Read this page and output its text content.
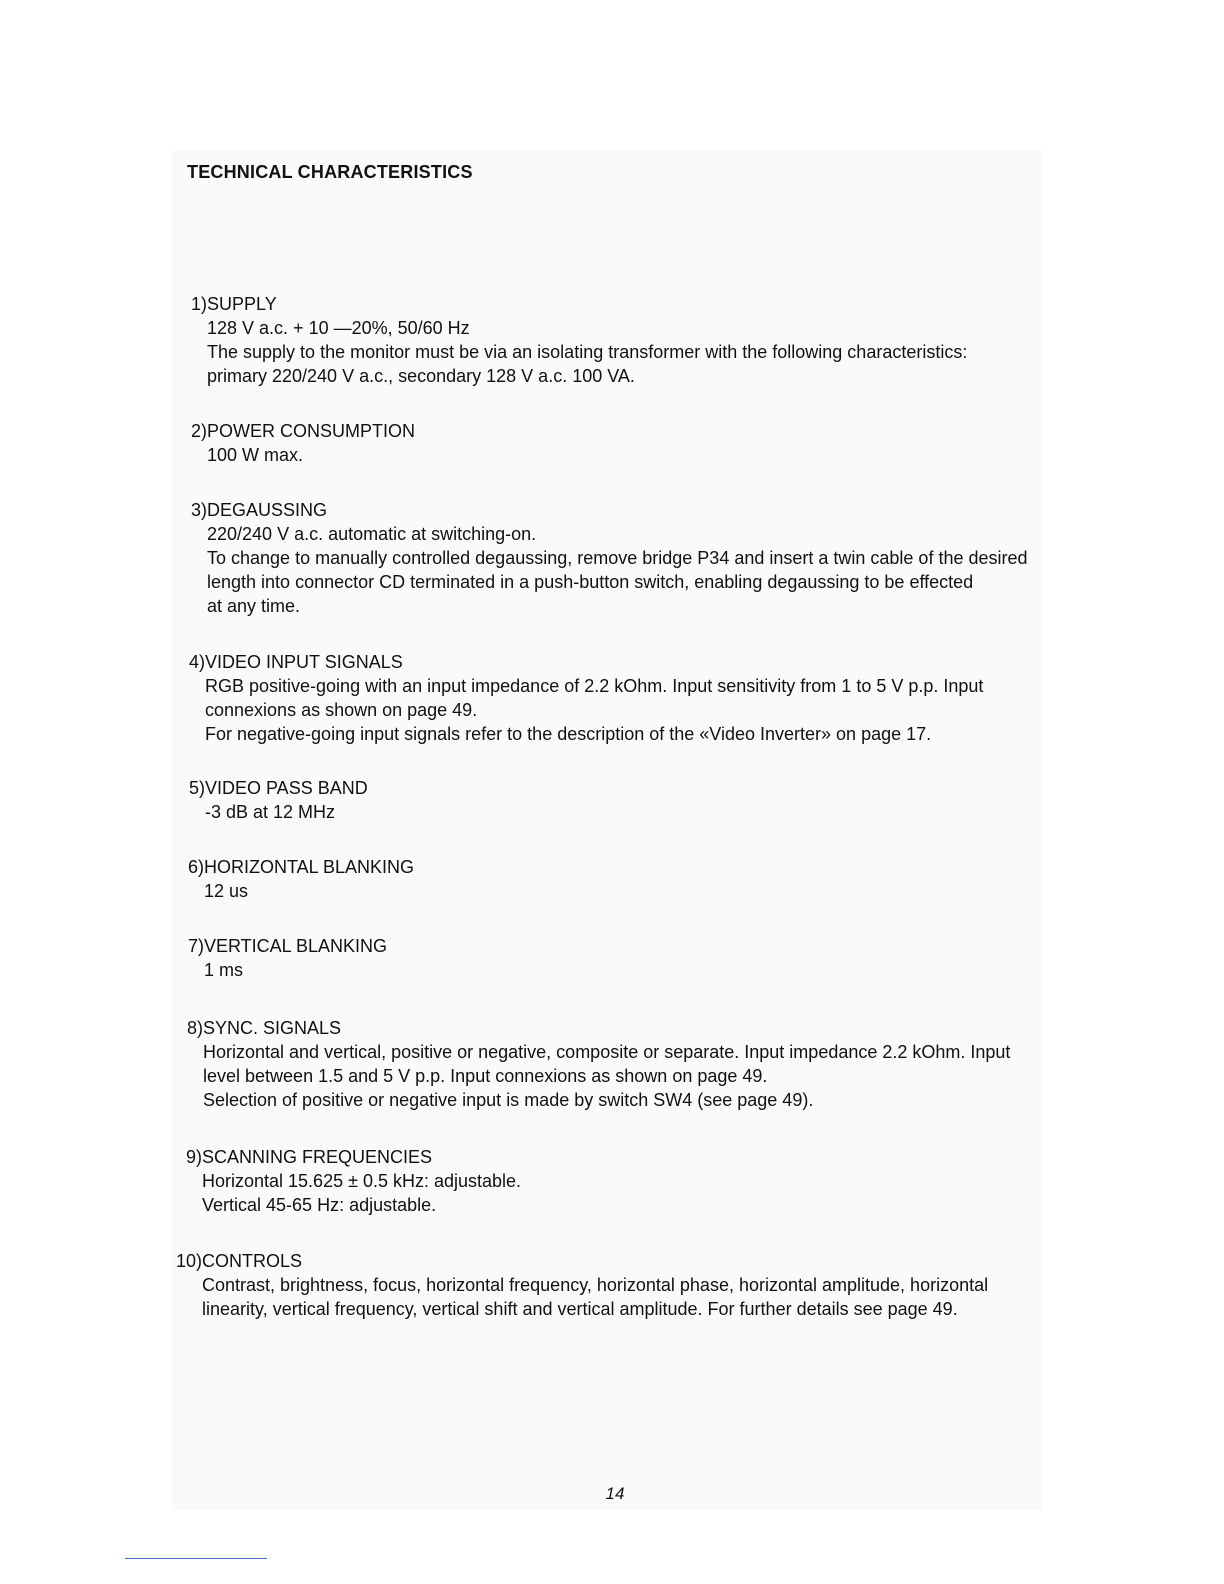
TECHNICAL CHARACTERISTICS
1) SUPPLY
128 V a.c. + 10 —20%, 50/60 Hz
The supply to the monitor must be via an isolating transformer with the following characteristics:
primary 220/240 V a.c., secondary 128 V a.c. 100 VA.
2) POWER CONSUMPTION
100 W max.
3) DEGAUSSING
220/240 V a.c. automatic at switching-on.
To change to manually controlled degaussing, remove bridge P34 and insert a twin cable of the desired
length into connector CD terminated in a push-button switch, enabling degaussing to be effected
at any time.
4) VIDEO INPUT SIGNALS
RGB positive-going with an input impedance of 2.2 kOhm. Input sensitivity from 1 to 5 V p.p. Input
connexions as shown on page 49.
For negative-going input signals refer to the description of the «Video Inverter» on page 17.
5) VIDEO PASS BAND
-3 dB at 12 MHz
6) HORIZONTAL BLANKING
12 us
7) VERTICAL BLANKING
1 ms
8) SYNC. SIGNALS
Horizontal and vertical, positive or negative, composite or separate. Input impedance 2.2 kOhm. Input
level between 1.5 and 5 V p.p. Input connexions as shown on page 49.
Selection of positive or negative input is made by switch SW4 (see page 49).
9) SCANNING FREQUENCIES
Horizontal 15.625 ± 0.5 kHz: adjustable.
Vertical 45-65 Hz: adjustable.
10) CONTROLS
Contrast, brightness, focus, horizontal frequency, horizontal phase, horizontal amplitude, horizontal
linearity, vertical frequency, vertical shift and vertical amplitude. For further details see page 49.
14
